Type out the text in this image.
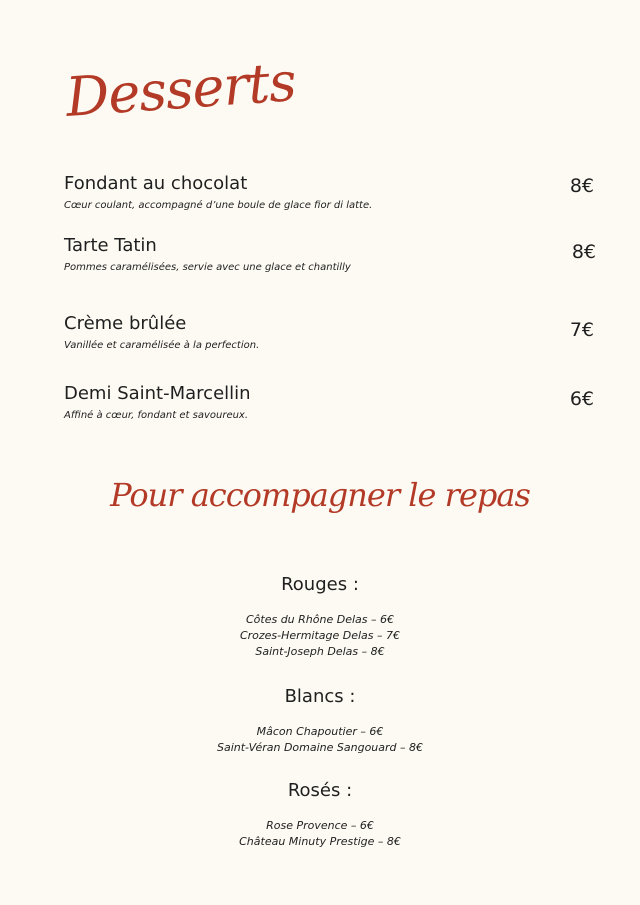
Desserts
Fondant au chocolat
Cœur coulant, accompagné d’une boule de glace fior di latte.
8€
Tarte Tatin
Pommes caramélisées, servie avec une glace et chantilly
8€
Crème brûlée
Vanillée et caramélisée à la perfection.
7€
Demi Saint-Marcellin
Affiné à cœur, fondant et savoureux.
6€
Pour accompagner le repas
Rouges :
Côtes du Rhône Delas – 6€
Crozes-Hermitage Delas – 7€
Saint-Joseph Delas – 8€
Blancs :
Mâcon Chapoutier – 6€
Saint-Véran Domaine Sangouard – 8€
Rosés :
Rose Provence – 6€
Château Minuty Prestige – 8€
